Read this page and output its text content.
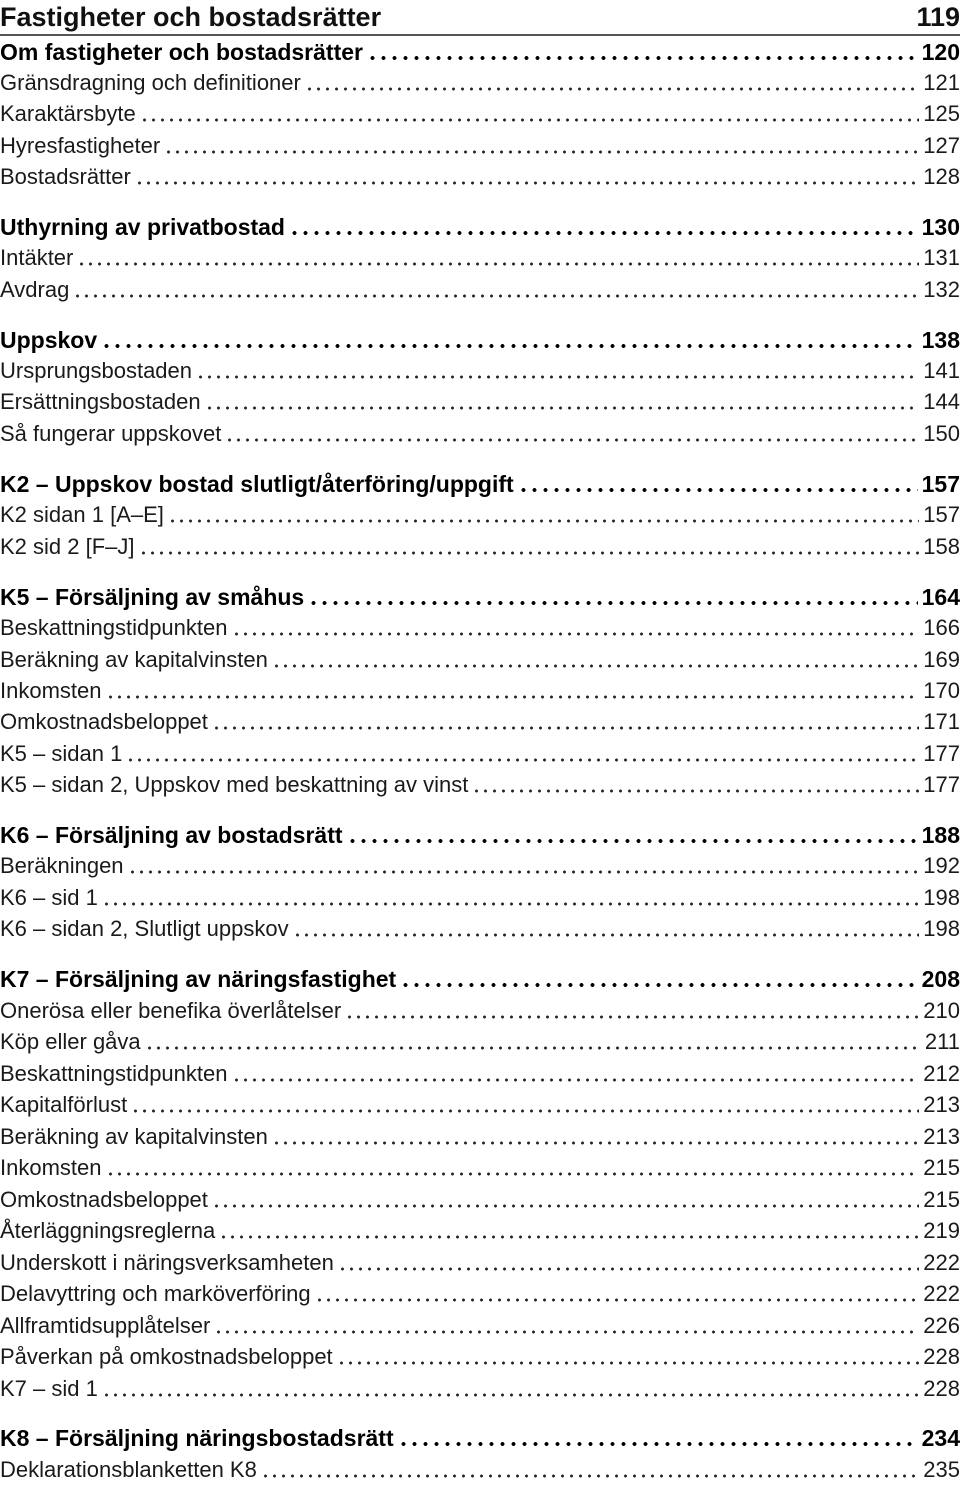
Fastigheter och bostadsrätter	119
Om fastigheter och bostadsrätter	120
Gränsdragning och definitioner	121
Karaktärsbyte	125
Hyresfastigheter	127
Bostadsrätter	128
Uthyrning av privatbostad	130
Intäkter	131
Avdrag	132
Uppskov	138
Ursprungsbostaden	141
Ersättningsbostaden	144
Så fungerar uppskovet	150
K2 – Uppskov bostad slutligt/återföring/uppgift	157
K2 sidan 1 [A–E]	157
K2 sid 2 [F–J]	158
K5 – Försäljning av småhus	164
Beskattningstidpunkten	166
Beräkning av kapitalvinsten	169
Inkomsten	170
Omkostnadsbeloppet	171
K5 – sidan 1	177
K5 – sidan 2, Uppskov med beskattning av vinst	177
K6 – Försäljning av bostadsrätt	188
Beräkningen	192
K6 – sid 1	198
K6 – sidan 2, Slutligt uppskov	198
K7 – Försäljning av näringsfastighet	208
Onerösa eller benefika överlåtelser	210
Köp eller gåva	211
Beskattningstidpunkten	212
Kapitalförlust	213
Beräkning av kapitalvinsten	213
Inkomsten	215
Omkostnadsbeloppet	215
Återläggningsreglerna	219
Underskott i näringsverksamheten	222
Delavyttring och marköverföring	222
Allframtidsupplåtelser	226
Påverkan på omkostnadsbeloppet	228
K7 – sid 1	228
K8 – Försäljning näringsbostadsrätt	234
Deklarationsblanketten K8	235
